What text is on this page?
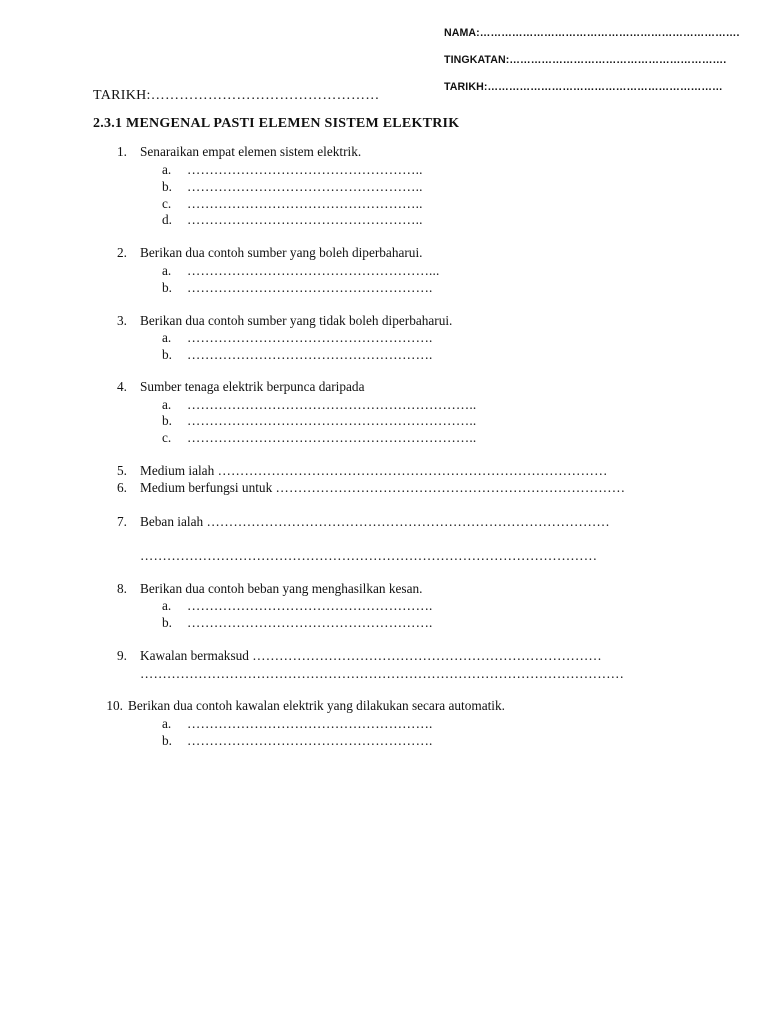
NAMA:……………………………………………………………….
TINGKATAN:…………………………………………………….
TARIKH:…………………………………………………………
TARIKH:…………………………………………
2.3.1 MENGENAL PASTI ELEMEN SISTEM ELEKTRIK
1. Senaraikan empat elemen sistem elektrik.
a. ……………………………………………..
b. ……………………………………………..
c. ……………………………………………..
d. ……………………………………………..
2. Berikan dua contoh sumber yang boleh diperbaharui.
a. ………………………………………………...
b. ……………………………………………….
3. Berikan dua contoh sumber yang tidak boleh diperbaharui.
a. ……………………………………………….
b. ……………………………………………….
4. Sumber tenaga elektrik berpunca daripada
a. ………………………………………………………..
b. ………………………………………………………..
c. ………………………………………………………..
5. Medium ialah ……………………………………………………………………………
6. Medium berfungsi untuk ……………………………………………………………………
7. Beban ialah ………………………………………………………………………………
…………………………………………………………………………………………
8. Berikan dua contoh beban yang menghasilkan kesan.
a. ……………………………………………….
b. ……………………………………………….
9. Kawalan bermaksud ……………………………………………………………………
………………………………………………………………………………………………
10. Berikan dua contoh kawalan elektrik yang dilakukan secara automatik.
a. ……………………………………………….
b. ……………………………………………….
